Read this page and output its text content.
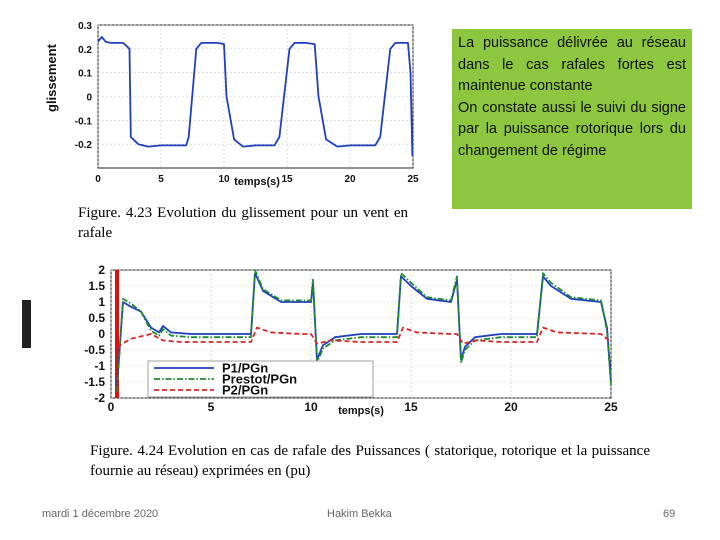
0.3
0.2
0.1
0
-0.1
-0.2
0	5	10	15	20	25
temps(s)
glissement
Figure. 4.23 Evolution du glissement pour un vent en rafale

La puissance délivrée au réseau dans le cas rafales fortes est maintenue constante

On constate aussi le suivi du signe par la puissance rotorique lors du changement de régime

2
1.5
1
0.5
0
-0.5
-1
-1.5
-2
0	5	10	15	20	25
P1/PGn
Prestot/PGn
P2/PGn
temps(s)
Figure. 4.24 Evolution en cas de rafale des Puissances ( statorique, rotorique et la puissance fournie au réseau) exprimées en (pu)
mardi 1 décembre 2020	Hakim Bekka	69
